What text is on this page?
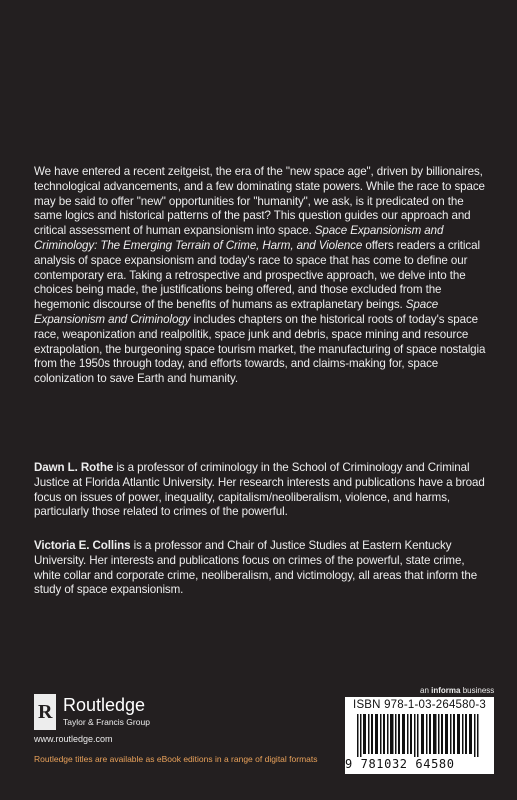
We have entered a recent zeitgeist, the era of the "new space age", driven by billionaires, technological advancements, and a few dominating state powers. While the race to space may be said to offer "new" opportunities for "humanity", we ask, is it predicated on the same logics and historical patterns of the past? This question guides our approach and critical assessment of human expansionism into space. Space Expansionism and Criminology: The Emerging Terrain of Crime, Harm, and Violence offers readers a critical analysis of space expansionism and today's race to space that has come to define our contemporary era. Taking a retrospective and prospective approach, we delve into the choices being made, the justifications being offered, and those excluded from the hegemonic discourse of the benefits of humans as extraplanetary beings. Space Expansionism and Criminology includes chapters on the historical roots of today's space race, weaponization and realpolitik, space junk and debris, space mining and resource extrapolation, the burgeoning space tourism market, the manufacturing of space nostalgia from the 1950s through today, and efforts towards, and claims-making for, space colonization to save Earth and humanity.

Dawn L. Rothe is a professor of criminology in the School of Criminology and Criminal Justice at Florida Atlantic University. Her research interests and publications have a broad focus on issues of power, inequality, capitalism/neoliberalism, violence, and harms, particularly those related to crimes of the powerful.

Victoria E. Collins is a professor and Chair of Justice Studies at Eastern Kentucky University. Her interests and publications focus on crimes of the powerful, state crime, white collar and corporate crime, neoliberalism, and victimology, all areas that inform the study of space expansionism.

R Routledge
Taylor & Francis Group
www.routledge.com
Routledge titles are available as eBook editions in a range of digital formats
an informa business
ISBN 978-1-03-264580-3
9 781032 64580
